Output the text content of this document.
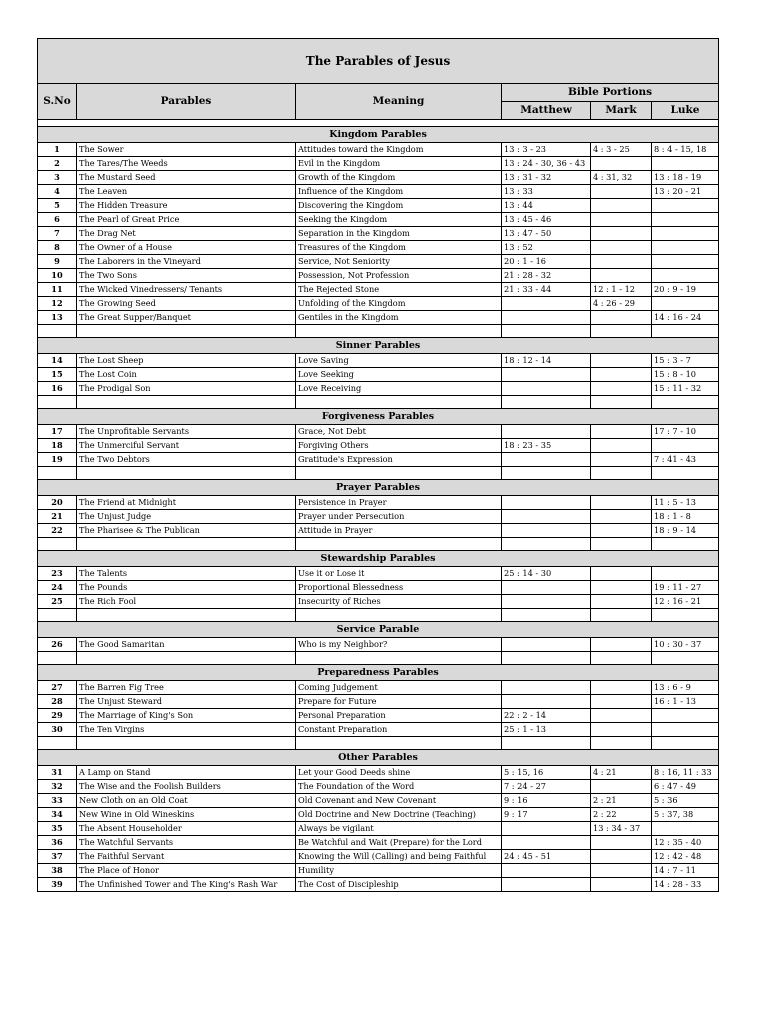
The Parables of Jesus					
S.No	Parables	Meaning	Bible Portions		
			Matthew	Mark	Luke

Kingdom Parables					
1	The Sower	Attitudes toward the Kingdom	13 : 3 - 23	4 : 3 - 25	8 : 4 - 15, 18
2	The Tares/The Weeds	Evil in the Kingdom	13 : 24 - 30, 36 - 43		
3	The Mustard Seed	Growth of the Kingdom	13 : 31 - 32	4 : 31, 32	13 : 18 - 19
4	The Leaven	Influence of the Kingdom	13 : 33		13 : 20 - 21
5	The Hidden Treasure	Discovering the Kingdom	13 : 44		
6	The Pearl of Great Price	Seeking the Kingdom	13 : 45 - 46		
7	The Drag Net	Separation in the Kingdom	13 : 47 - 50		
8	The Owner of a House	Treasures of the Kingdom	13 : 52		
9	The Laborers in the Vineyard	Service, Not Seniority	20 : 1 - 16		
10	The Two Sons	Possession, Not Profession	21 : 28 - 32		
11	The Wicked Vinedressers/ Tenants	The Rejected Stone	21 : 33 - 44	12 : 1 - 12	20 : 9 - 19
12	The Growing Seed	Unfolding of the Kingdom		4 : 26 - 29	
13	The Great Supper/Banquet	Gentiles in the Kingdom			14 : 16 - 24

Sinner Parables					
14	The Lost Sheep	Love Saving	18 : 12 - 14		15 : 3 - 7
15	The Lost Coin	Love Seeking			15 : 8 - 10
16	The Prodigal Son	Love Receiving			15 : 11 - 32

Forgiveness Parables					
17	The Unprofitable Servants	Grace, Not Debt			17 : 7 - 10
18	The Unmerciful Servant	Forgiving Others	18 : 23 - 35		
19	The Two Debtors	Gratitude's Expression			7 : 41 - 43

Prayer Parables					
20	The Friend at Midnight	Persistence in Prayer			11 : 5 - 13
21	The Unjust Judge	Prayer under Persecution			18 : 1 - 8
22	The Pharisee & The Publican	Attitude in Prayer			18 : 9 - 14

Stewardship Parables					
23	The Talents	Use it or Lose it	25 : 14 - 30		
24	The Pounds	Proportional Blessedness			19 : 11 - 27
25	The Rich Fool	Insecurity of Riches			12 : 16 - 21

Service Parable					
26	The Good Samaritan	Who is my Neighbor?			10 : 30 - 37

Preparedness Parables					
27	The Barren Fig Tree	Coming Judgement			13 : 6 - 9
28	The Unjust Steward	Prepare for Future			16 : 1 - 13
29	The Marriage of King's Son	Personal Preparation	22 : 2 - 14		
30	The Ten Virgins	Constant Preparation	25 : 1 - 13		

Other Parables					
31	A Lamp on Stand	Let your Good Deeds shine	5 : 15, 16	4 : 21	8 : 16, 11 : 33
32	The Wise and the Foolish Builders	The Foundation of the Word	7 : 24 - 27		6 : 47 - 49
33	New Cloth on an Old Coat	Old Covenant and New Covenant	9 : 16	2 : 21	5 : 36
34	New Wine in Old Wineskins	Old Doctrine and New Doctrine (Teaching)	9 : 17	2 : 22	5 : 37, 38
35	The Absent Householder	Always be vigilant		13 : 34 - 37	
36	The Watchful Servants	Be Watchful and Wait (Prepare) for the Lord			12 : 35 - 40
37	The Faithful Servant	Knowing the Will (Calling) and being Faithful	24 : 45 - 51		12 : 42 - 48
38	The Place of Honor	Humility			14 : 7 - 11
39	The Unfinished Tower and The King's Rash War	The Cost of Discipleship			14 : 28 - 33
